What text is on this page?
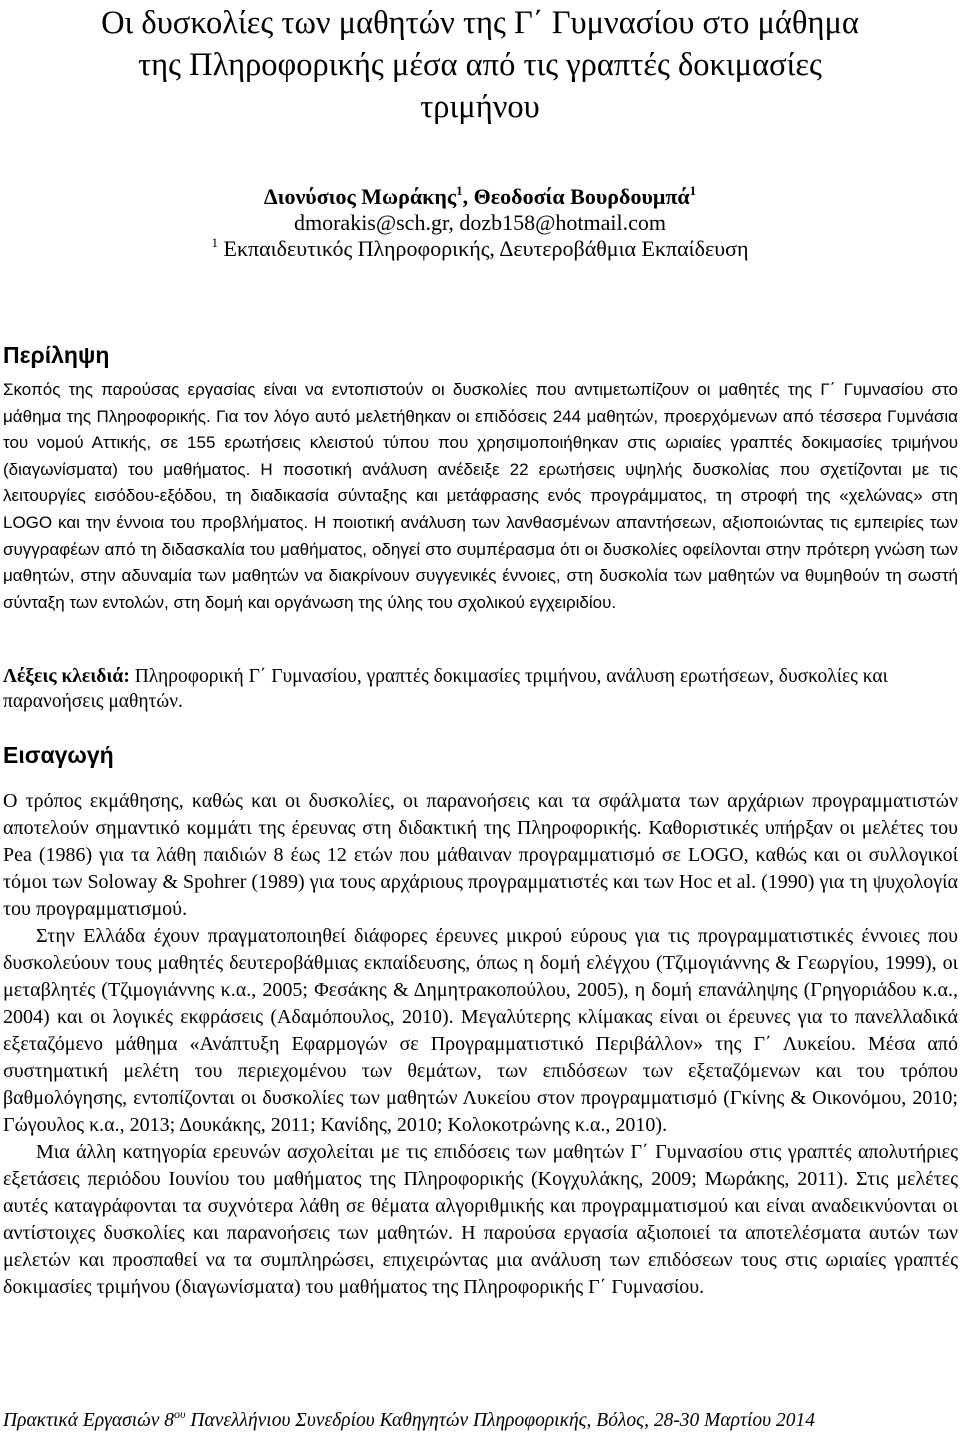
Οι δυσκολίες των μαθητών της Γ΄ Γυμνασίου στο μάθημα
της Πληροφορικής μέσα από τις γραπτές δοκιμασίες
τριμήνου
Διονύσιος Μωράκης$^1$, Θεοδοσία Βουρδουμπά$^1$
dmorakis@sch.gr, dozb158@hotmail.com
$^1$ Εκπαιδευτικός Πληροφορικής, Δευτεροβάθμια Εκπαίδευση
Περίληψη

Σκοπός της παρούσας εργασίας είναι να εντοπιστούν οι δυσκολίες που αντιμετωπίζουν οι μαθητές της Γ΄ Γυμνασίου στο μάθημα της Πληροφορικής. Για τον λόγο αυτό μελετήθηκαν οι επιδόσεις 244 μαθητών, προερχόμενων από τέσσερα Γυμνάσια του νομού Αττικής, σε 155 ερωτήσεις κλειστού τύπου που χρησιμοποιήθηκαν στις ωριαίες γραπτές δοκιμασίες τριμήνου (διαγωνίσματα) του μαθήματος. Η ποσοτική ανάλυση ανέδειξε 22 ερωτήσεις υψηλής δυσκολίας που σχετίζονται με τις λειτουργίες εισόδου-εξόδου, τη διαδικασία σύνταξης και μετάφρασης ενός προγράμματος, τη στροφή της «χελώνας» στη LOGO και την έννοια του προβλήματος. Η ποιοτική ανάλυση των λανθασμένων απαντήσεων, αξιοποιώντας τις εμπειρίες των συγγραφέων από τη διδασκαλία του μαθήματος, οδηγεί στο συμπέρασμα ότι οι δυσκολίες οφείλονται στην πρότερη γνώση των μαθητών, στην αδυναμία των μαθητών να διακρίνουν συγγενικές έννοιες, στη δυσκολία των μαθητών να θυμηθούν τη σωστή σύνταξη των εντολών, στη δομή και οργάνωση της ύλης του σχολικού εγχειριδίου.

Λέξεις κλειδιά: Πληροφορική Γ΄ Γυμνασίου, γραπτές δοκιμασίες τριμήνου, ανάλυση ερωτήσεων, δυσκολίες και παρανοήσεις μαθητών.

Εισαγωγή

Ο τρόπος εκμάθησης, καθώς και οι δυσκολίες, οι παρανοήσεις και τα σφάλματα των αρχάριων προγραμματιστών αποτελούν σημαντικό κομμάτι της έρευνας στη διδακτική της Πληροφορικής. Καθοριστικές υπήρξαν οι μελέτες του Pea (1986) για τα λάθη παιδιών 8 έως 12 ετών που μάθαιναν προγραμματισμό σε LOGO, καθώς και οι συλλογικοί τόμοι των Soloway & Spohrer (1989) για τους αρχάριους προγραμματιστές και των Hoc et al. (1990) για τη ψυχολογία του προγραμματισμού.

Στην Ελλάδα έχουν πραγματοποιηθεί διάφορες έρευνες μικρού εύρους για τις προγραμματιστικές έννοιες που δυσκολεύουν τους μαθητές δευτεροβάθμιας εκπαίδευσης, όπως η δομή ελέγχου (Τζιμογιάννης & Γεωργίου, 1999), οι μεταβλητές (Τζιμογιάννης κ.α., 2005; Φεσάκης & Δημητρακοπούλου, 2005), η δομή επανάληψης (Γρηγοριάδου κ.α., 2004) και οι λογικές εκφράσεις (Αδαμόπουλος, 2010). Μεγαλύτερης κλίμακας είναι οι έρευνες για το πανελλαδικά εξεταζόμενο μάθημα «Ανάπτυξη Εφαρμογών σε Προγραμματιστικό Περιβάλλον» της Γ΄ Λυκείου. Μέσα από συστηματική μελέτη του περιεχομένου των θεμάτων, των επιδόσεων των εξεταζόμενων και του τρόπου βαθμολόγησης, εντοπίζονται οι δυσκολίες των μαθητών Λυκείου στον προγραμματισμό (Γκίνης & Οικονόμου, 2010; Γώγουλος κ.α., 2013; Δουκάκης, 2011; Κανίδης, 2010; Κολοκοτρώνης κ.α., 2010).

Μια άλλη κατηγορία ερευνών ασχολείται με τις επιδόσεις των μαθητών Γ΄ Γυμνασίου στις γραπτές απολυτήριες εξετάσεις περιόδου Ιουνίου του μαθήματος της Πληροφορικής (Κογχυλάκης, 2009; Μωράκης, 2011). Στις μελέτες αυτές καταγράφονται τα συχνότερα λάθη σε θέματα αλγοριθμικής και προγραμματισμού και είναι αναδεικνύονται οι αντίστοιχες δυσκολίες και παρανοήσεις των μαθητών. Η παρούσα εργασία αξιοποιεί τα αποτελέσματα αυτών των μελετών και προσπαθεί να τα συμπληρώσει, επιχειρώντας μια ανάλυση των επιδόσεων τους στις ωριαίες γραπτές δοκιμασίες τριμήνου (διαγωνίσματα) του μαθήματος της Πληροφορικής Γ΄ Γυμνασίου.

Πρακτικά Εργασιών $8^{o\upsilon}$ Πανελλήνιου Συνεδρίου Καθηγητών Πληροφορικής, Βόλος, 28-30 Μαρτίου 2014
